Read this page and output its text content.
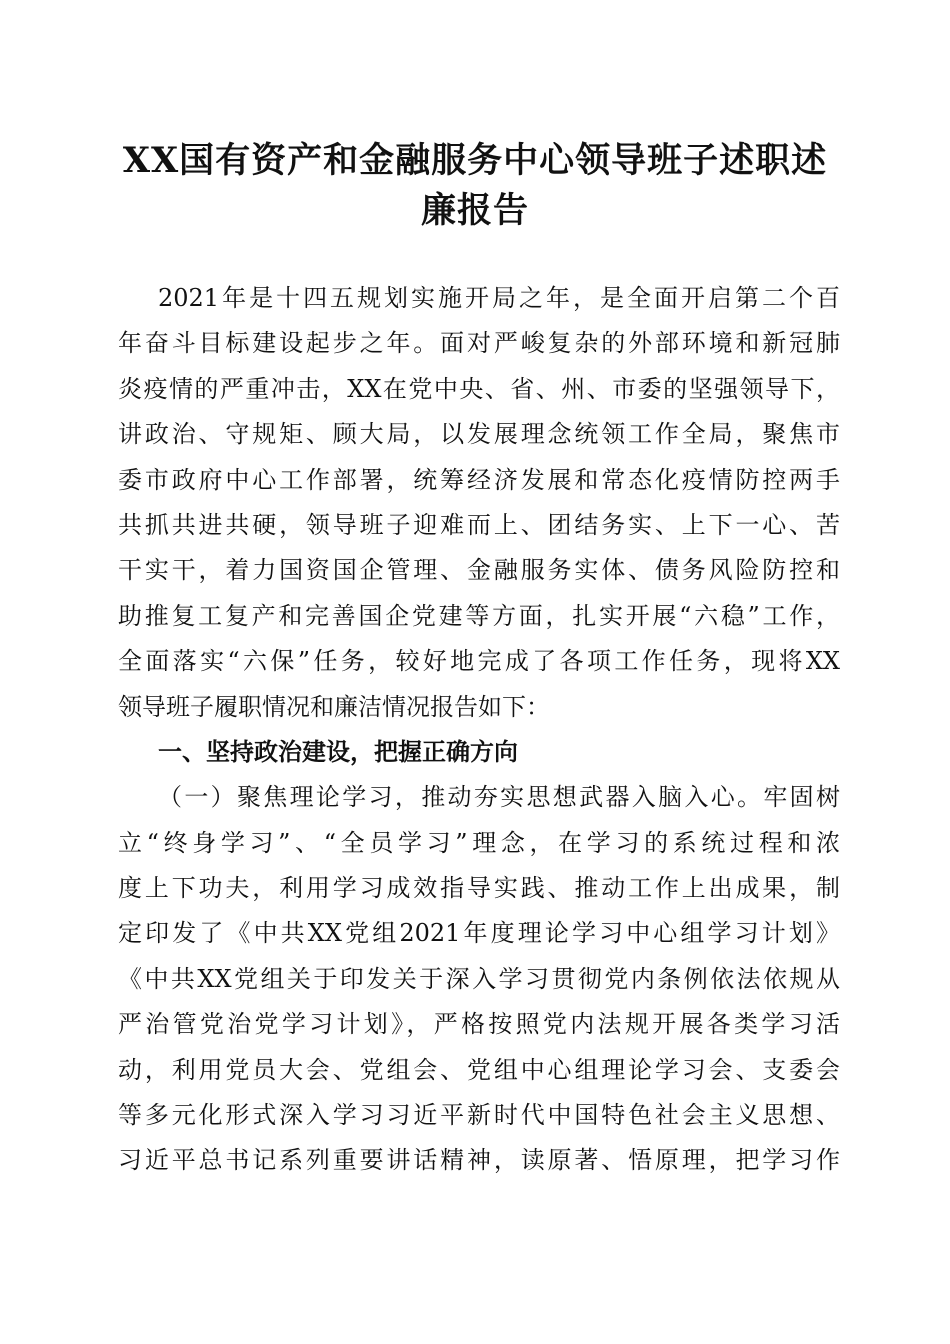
XX国有资产和金融服务中心领导班子述职述
廉报告
2021年是十四五规划实施开局之年，是全面开启第二个百
年奋斗目标建设起步之年。面对严峻复杂的外部环境和新冠肺
炎疫情的严重冲击，XX在党中央、省、州、市委的坚强领导下，
讲政治、守规矩、顾大局，以发展理念统领工作全局，聚焦市
委市政府中心工作部署，统筹经济发展和常态化疫情防控两手
共抓共进共硬，领导班子迎难而上、团结务实、上下一心、苦
干实干，着力国资国企管理、金融服务实体、债务风险防控和
助推复工复产和完善国企党建等方面，扎实开展“六稳”工作，
全面落实“六保”任务，较好地完成了各项工作任务，现将XX
领导班子履职情况和廉洁情况报告如下：
一、坚持政治建设，把握正确方向
（一）聚焦理论学习，推动夯实思想武器入脑入心。牢固树
立“终身学习”、“全员学习”理念，在学习的系统过程和浓
度上下功夫，利用学习成效指导实践、推动工作上出成果，制
定印发了《中共XX党组2021年度理论学习中心组学习计划》
《中共XX党组关于印发关于深入学习贯彻党内条例依法依规从
严治管党治党学习计划》，严格按照党内法规开展各类学习活
动，利用党员大会、党组会、党组中心组理论学习会、支委会
等多元化形式深入学习习近平新时代中国特色社会主义思想、
习近平总书记系列重要讲话精神，读原著、悟原理，把学习作
